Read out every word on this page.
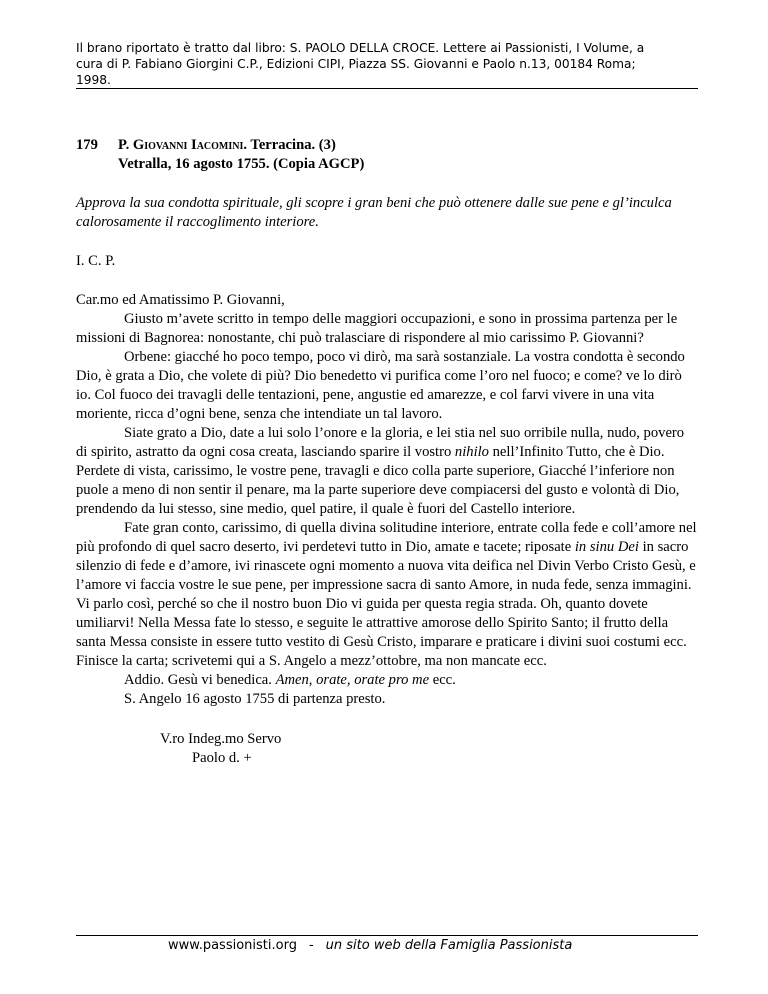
Il brano riportato è tratto dal libro: S. PAOLO DELLA CROCE. Lettere ai Passionisti, I Volume, a
cura di P. Fabiano Giorgini C.P., Edizioni CIPI, Piazza SS. Giovanni e Paolo n.13, 00184 Roma;
1998.
179	P. Giovanni Iacomini. Terracina. (3)
Vetralla, 16 agosto 1755. (Copia AGCP)
Approva la sua condotta spirituale, gli scopre i gran beni che può ottenere dalle sue pene e gl’inculca calorosamente il raccoglimento interiore.
I. C. P.
Car.mo ed Amatissimo P. Giovanni,

Giusto m’avete scritto in tempo delle maggiori occupazioni, e sono in prossima partenza per le missioni di Bagnorea: nonostante, chi può tralasciare di rispondere al mio carissimo P. Giovanni?

Orbene: giacché ho poco tempo, poco vi dirò, ma sarà sostanziale. La vostra condotta è secondo Dio, è grata a Dio, che volete di più? Dio benedetto vi purifica come l’oro nel fuoco; e come? ve lo dirò io. Col fuoco dei travagli delle tentazioni, pene, angustie ed amarezze, e col farvi vivere in una vita moriente, ricca d’ogni bene, senza che intendiate un tal lavoro.

Siate grato a Dio, date a lui solo l’onore e la gloria, e lei stia nel suo orribile nulla, nudo, povero di spirito, astratto da ogni cosa creata, lasciando sparire il vostro nihilo nell’Infinito Tutto, che è Dio. Perdete di vista, carissimo, le vostre pene, travagli e dico colla parte superiore, Giacché l’inferiore non puole a meno di non sentir il penare, ma la parte superiore deve compiacersi del gusto e volontà di Dio, prendendo da lui stesso, sine medio, quel patire, il quale è fuori del Castello interiore.

Fate gran conto, carissimo, di quella divina solitudine interiore, entrate colla fede e coll’amore nel più profondo di quel sacro deserto, ivi perdetevi tutto in Dio, amate e tacete; riposate in sinu Dei in sacro silenzio di fede e d’amore, ivi rinascete ogni momento a nuova vita deifica nel Divin Verbo Cristo Gesù, e l’amore vi faccia vostre le sue pene, per impressione sacra di santo Amore, in nuda fede, senza immagini. Vi parlo così, perché so che il nostro buon Dio vi guida per questa regia strada. Oh, quanto dovete umiliarvi! Nella Messa fate lo stesso, e seguite le attrattive amorose dello Spirito Santo; il frutto della santa Messa consiste in essere tutto vestito di Gesù Cristo, imparare e praticare i divini suoi costumi ecc. Finisce la carta; scrivetemi qui a S. Angelo a mezz’ottobre, ma non mancate ecc.

Addio. Gesù vi benedica. Amen, orate, orate pro me ecc.

S. Angelo 16 agosto 1755 di partenza presto.

V.ro Indeg.mo Servo
Paolo d. +
www.passionisti.org - un sito web della Famiglia Passionista
